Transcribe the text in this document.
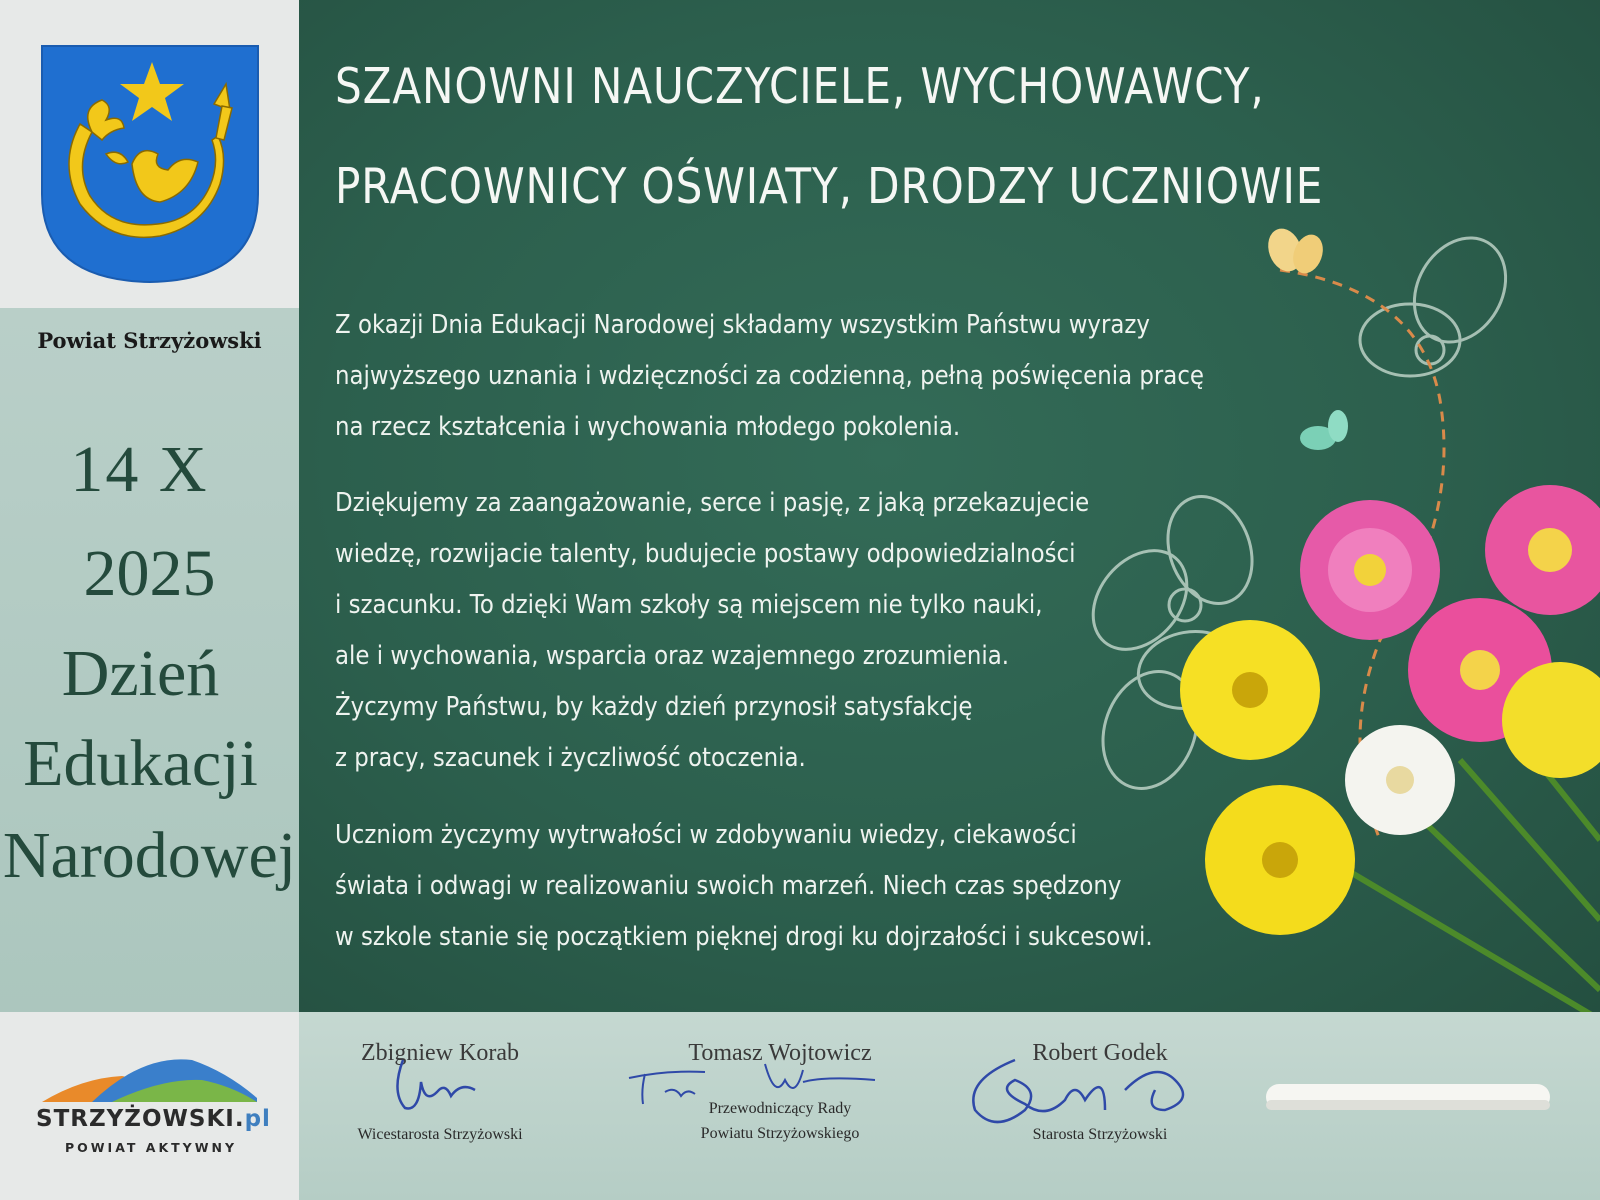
Powiat Strzyżowski
14 X
2025
Dzień
Edukacji
Narodowej
STRZYŻOWSKI.pl
POWIAT AKTYWNY
SZANOWNI NAUCZYCIELE, WYCHOWAWCY,
PRACOWNICY OŚWIATY, DRODZY UCZNIOWIE
Z okazji Dnia Edukacji Narodowej składamy wszystkim Państwu wyrazy
najwyższego uznania i wdzięczności za codzienną, pełną poświęcenia pracę
na rzecz kształcenia i wychowania młodego pokolenia.
Dziękujemy za zaangażowanie, serce i pasję, z jaką przekazujecie
wiedzę, rozwijacie talenty, budujecie postawy odpowiedzialności
i szacunku. To dzięki Wam szkoły są miejscem nie tylko nauki,
ale i wychowania, wsparcia oraz wzajemnego zrozumienia.
Życzymy Państwu, by każdy dzień przynosił satysfakcję
z pracy, szacunek i życzliwość otoczenia.
Uczniom życzymy wytrwałości w zdobywaniu wiedzy, ciekawości
świata i odwagi w realizowaniu swoich marzeń. Niech czas spędzony
w szkole stanie się początkiem pięknej drogi ku dojrzałości i sukcesowi.
Zbigniew Korab
Wicestarosta Strzyżowski
Tomasz Wojtowicz
Przewodniczący Rady
Powiatu Strzyżowskiego
Robert Godek
Starosta Strzyżowski
